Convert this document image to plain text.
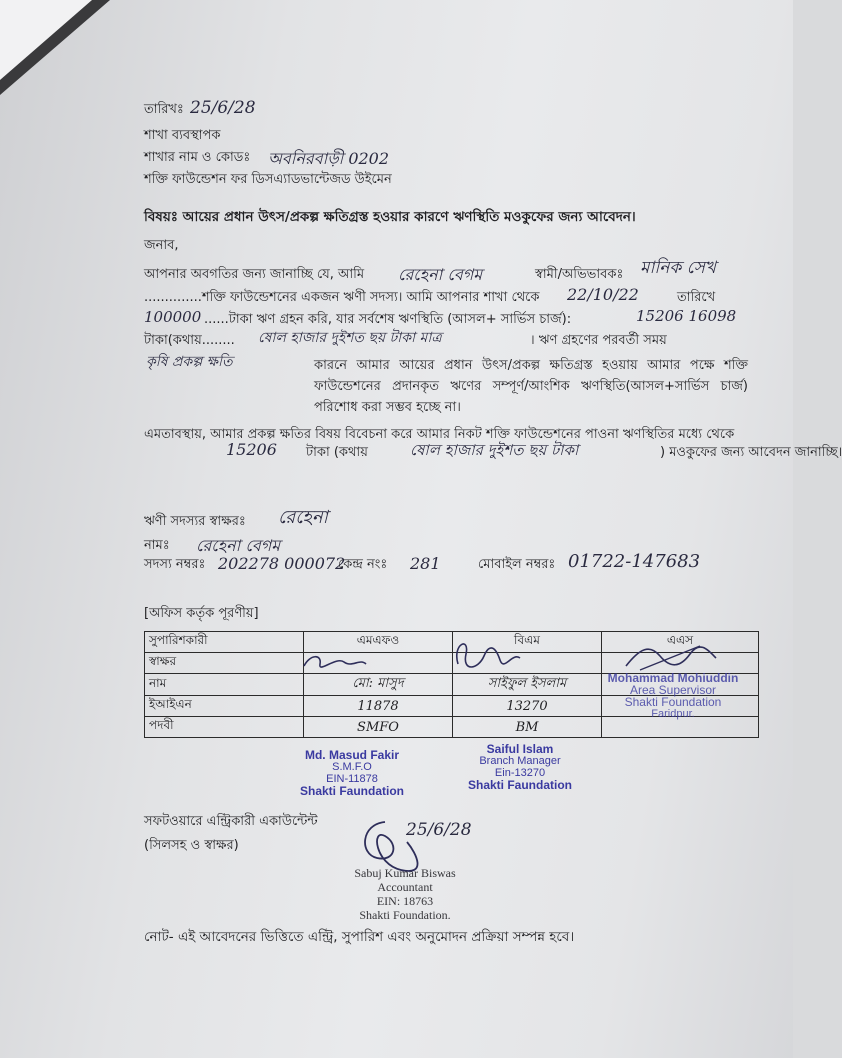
তারিখঃ 25/6/28
শাখা ব্যবস্থাপক
শাখার নাম ও কোডঃ অবনিরবাড়ী 0202
শক্তি ফাউন্ডেশন ফর ডিসএ্যাডভান্টেজড উইমেন
বিষয়ঃ আয়ের প্রধান উৎস/প্রকল্প ক্ষতিগ্রস্ত হওয়ার কারণে ঋণস্থিতি মওকুফের জন্য আবেদন।
জনাব,
আপনার অবগতির জন্য জানাচ্ছি যে, আমি রেহেনা বেগম	স্বামী/অভিভাবকঃ মানিক সেখ
..............শক্তি ফাউন্ডেশনের একজন ঋণী সদস্য। আমি আপনার শাখা থেকে 22/10/22	তারিখে
100000 ......টাকা ঋণ গ্রহন করি, যার সর্বশেষ ঋণস্থিতি (আসল+ সার্ভিস চার্জ):	15206 16098
টাকা(কথায়........ ষোল হাজার দুইশত ছয় টাকা মাত্র	। ঋণ গ্রহণের পরবর্তী সময়
কৃষি প্রকল্প ক্ষতি	কারনে আমার আয়ের প্রধান উৎস/প্রকল্প ক্ষতিগ্রস্ত হওয়ায় আমার পক্ষে শক্তি ফাউন্ডেশনের প্রদানকৃত ঋণের সম্পূর্ণ/আংশিক ঋণস্থিতি(আসল+সার্ভিস চার্জ) পরিশোধ করা সম্ভব হচ্ছে না।
এমতাবস্থায়, আমার প্রকল্প ক্ষতির বিষয় বিবেচনা করে আমার নিকট শক্তি ফাউন্ডেশনের পাওনা ঋণস্থিতির মধ্যে থেকে
15206 টাকা (কথায়	ষোল হাজার দুইশত ছয় টাকা	) মওকুফের জন্য আবেদন জানাচ্ছি।
ঋণী সদস্যর স্বাক্ষরঃ রেহেনা
নামঃ রেহেনা বেগম
সদস্য নম্বরঃ 202278 000072
কেন্দ্র নংঃ 281	মোবাইল নম্বরঃ 01722-147683
[অফিস কর্তৃক পূরণীয়]
সুপারিশকারী	এমএফও	বিএম	এএস
স্বাক্ষর			
নাম	মো: মাসুদ	সাইফুল ইসলাম	
ইআইএন	11878	13270	
পদবী	SMFO	BM	
Mohammad Mohiuddin
Area Supervisor
Shakti Foundation
Faridpur.
Md. Masud Fakir
S.M.F.O
EIN-11878
Shakti Faundation
Saiful Islam
Branch Manager
Ein-13270
Shakti Faundation
সফটওয়ারে এন্ট্রিকারী একাউন্টেন্ট
(সিলসহ ও স্বাক্ষর)
25/6/28
Sabuj Kumar Biswas
Accountant
EIN: 18763
Shakti Foundation.
নোট- এই আবেদনের ভিত্তিতে এন্ট্রি, সুপারিশ এবং অনুমোদন প্রক্রিয়া সম্পন্ন হবে।
